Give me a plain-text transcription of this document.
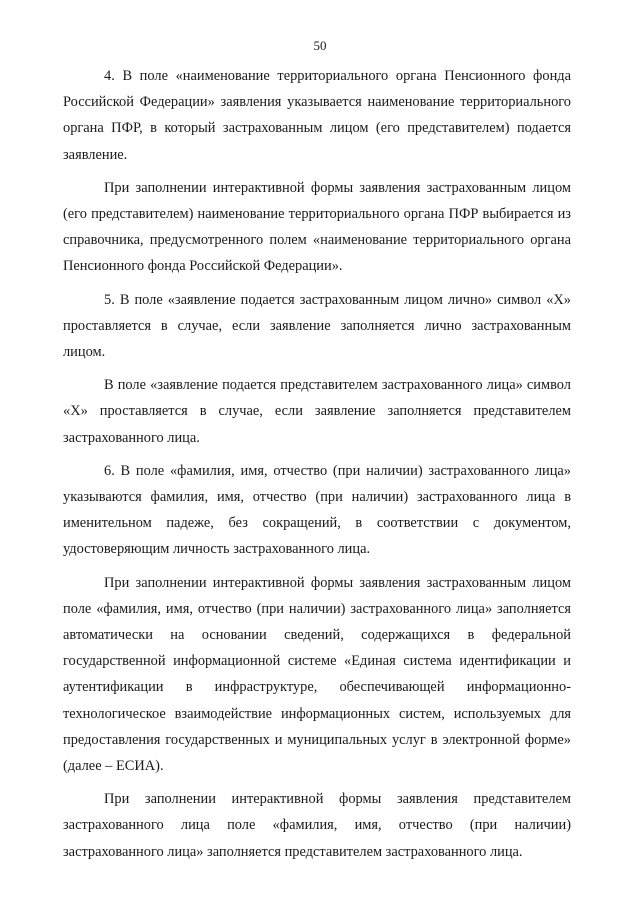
50

4. В поле «наименование территориального органа Пенсионного фонда Российской Федерации» заявления указывается наименование территориального органа ПФР, в который застрахованным лицом (его представителем) подается заявление.

При заполнении интерактивной формы заявления застрахованным лицом (его представителем) наименование территориального органа ПФР выбирается из справочника, предусмотренного полем «наименование территориального органа Пенсионного фонда Российской Федерации».

5. В поле «заявление подается застрахованным лицом лично» символ «Х» проставляется в случае, если заявление заполняется лично застрахованным лицом.

В поле «заявление подается представителем застрахованного лица» символ «Х» проставляется в случае, если заявление заполняется представителем застрахованного лица.

6. В поле «фамилия, имя, отчество (при наличии) застрахованного лица» указываются фамилия, имя, отчество (при наличии) застрахованного лица в именительном падеже, без сокращений, в соответствии с документом, удостоверяющим личность застрахованного лица.

При заполнении интерактивной формы заявления застрахованным лицом поле «фамилия, имя, отчество (при наличии) застрахованного лица» заполняется автоматически на основании сведений, содержащихся в федеральной государственной информационной системе «Единая система идентификации и аутентификации в инфраструктуре, обеспечивающей информационно-технологическое взаимодействие информационных систем, используемых для предоставления государственных и муниципальных услуг в электронной форме» (далее – ЕСИА).

При заполнении интерактивной формы заявления представителем застрахованного лица поле «фамилия, имя, отчество (при наличии) застрахованного лица» заполняется представителем застрахованного лица.
